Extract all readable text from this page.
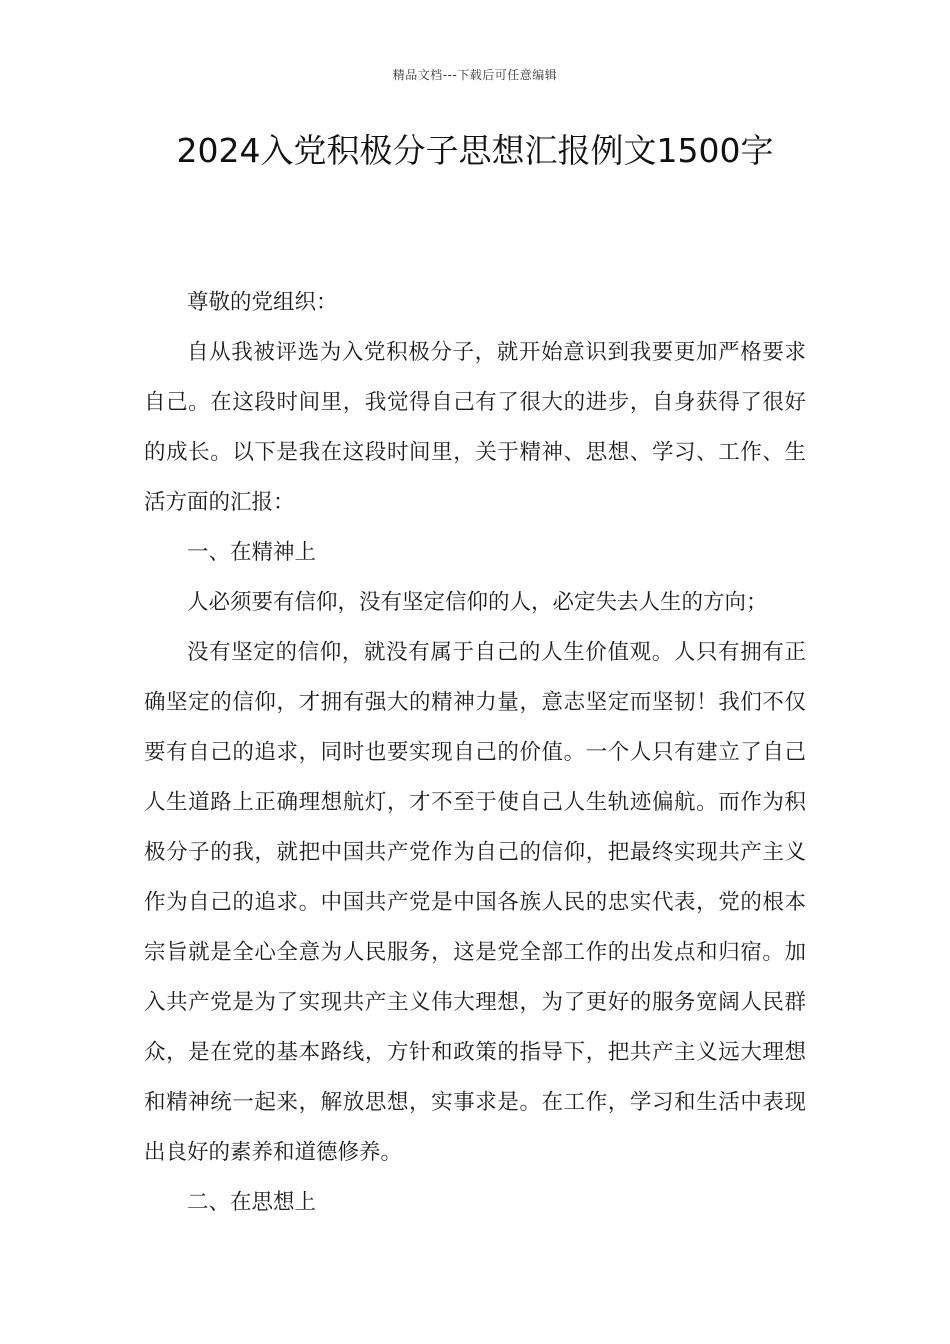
精品文档---下载后可任意编辑
2024入党积极分子思想汇报例文1500字

尊敬的党组织：

自从我被评选为入党积极分子，就开始意识到我要更加严格要求自己。在这段时间里，我觉得自己有了很大的进步，自身获得了很好的成长。以下是我在这段时间里，关于精神、思想、学习、工作、生活方面的汇报：

一、在精神上

人必须要有信仰，没有坚定信仰的人，必定失去人生的方向；

没有坚定的信仰，就没有属于自己的人生价值观。人只有拥有正确坚定的信仰，才拥有强大的精神力量，意志坚定而坚韧！我们不仅要有自己的追求，同时也要实现自己的价值。一个人只有建立了自己人生道路上正确理想航灯，才不至于使自己人生轨迹偏航。而作为积极分子的我，就把中国共产党作为自己的信仰，把最终实现共产主义作为自己的追求。中国共产党是中国各族人民的忠实代表，党的根本宗旨就是全心全意为人民服务，这是党全部工作的出发点和归宿。加入共产党是为了实现共产主义伟大理想，为了更好的服务宽阔人民群众，是在党的基本路线，方针和政策的指导下，把共产主义远大理想和精神统一起来，解放思想，实事求是。在工作，学习和生活中表现出良好的素养和道德修养。

二、在思想上
